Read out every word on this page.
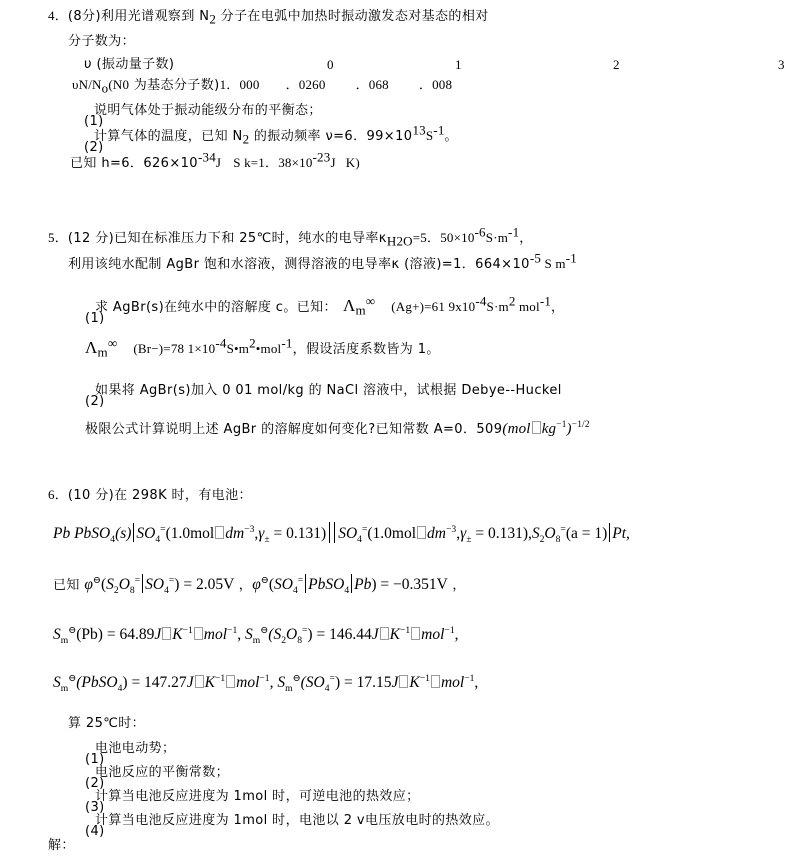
4．(8分)利用光谱观察到 $N_2$ 分子在电弧中加热时振动激发态对基态的相对
分子数为：
υ (振动量子数)	0	1	2	3
$\upsilon N/N_o(N0$ 为基态分子数)1．000 ．0260 ．068 ．008
(1)
说明气体处于振动能级分布的平衡态；
(2)
计算气体的温度，已知 $N_2$ 的振动频率 ν=6．$99\times 10^{13}S^{-1}$。
已知 h=6．$626\times 10^{-34}J$ S k=1．$38\times 10^{-23}J$ K)
5．(12 分)已知在标准压力下和 25℃时，纯水的电导率$\kappa_{H2O}=5$．$50\times 10^{-6}S\cdot m^{-1}$，
利用该纯水配制 AgBr 饱和水溶液，测得溶液的电导率κ (溶液)=1．$664\times 10^{-5}$ S $m^{-1}$
(1)
求 AgBr(s)在纯水中的溶解度 c。已知： $\Lambda_m^\infty$ (Ag+)=61 $9x10^{-4}S\cdot m^2$ mol$^{-1}$，
$\Lambda_m^\infty$ (Br−)=78 $1\times 10^{-4}S•m^2•mol^{-1}$，假设活度系数皆为 1。
(2)
如果将 AgBr(s)加入 0 01 mol/kg 的 NaCl 溶液中，试根据 Debye--Huckel
极限公式计算说明上述 AgBr 的溶解度如何变化?已知常数 A=0．509(mol $kg^{-1})^{-1/2}$
6．(10 分)在 298K 时，有电池：
Pb PbSO$_4$(s) $SO_4^=(1.0mol$ $dm^{-3},\gamma_\pm = 0.131$) $SO_4^=(1.0mol$ $dm^{-3},\gamma_\pm = 0.131),S_2O_8^=(a = 1)$ Pt,
已知 $\varphi^⊖(S_2O_8^=$ $SO_4^=) = 2.05V$ ，$\varphi^⊖(SO_4^=$ PbSO$_4$ Pb) = −0.351V ，
$S_m^⊖(Pb) = 64.89J$ $K^{-1}$ mol$^{-1}$, $S_m^⊖(S_2O_8^=) = 146.44J$ $K^{-1}$ mol$^{-1}$,
$S_m^⊖(PbSO_4) = 147.27J$ $K^{-1}$ mol$^{-1}$, $S_m^⊖(SO_4^=) = 17.15J$ $K^{-1}$ mol$^{-1}$,
算 25℃时：
(1)
电池电动势；
(2)
电池反应的平衡常数；
(3)
计算当电池反应进度为 1mol 时，可逆电池的热效应；
(4)
计算当电池反应进度为 1mol 时，电池以 2 v电压放电时的热效应。
解：
